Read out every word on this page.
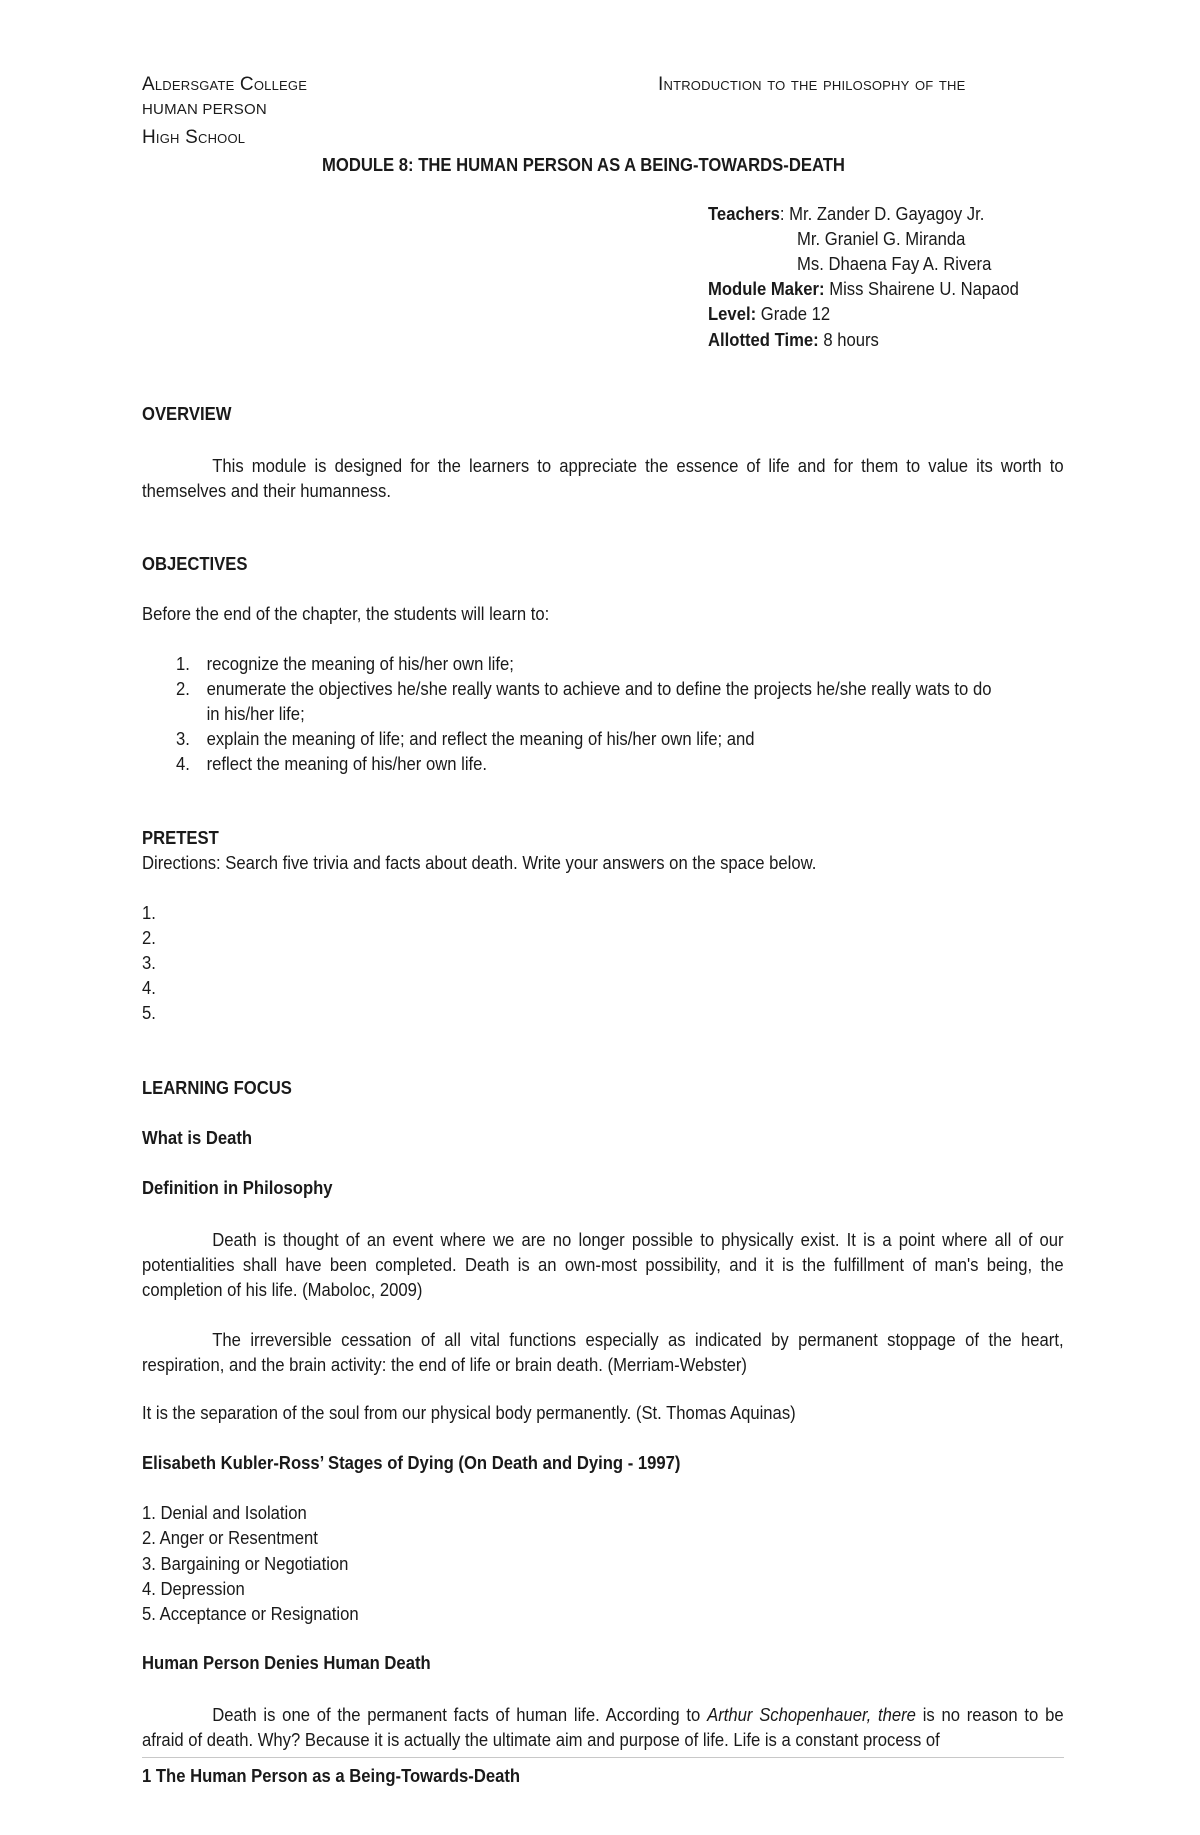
Aldersgate College
HUMAN PERSON
High School
Introduction to the philosophy of the
MODULE 8: THE HUMAN PERSON AS A BEING-TOWARDS-DEATH
Teachers: Mr. Zander D. Gayagoy Jr.
Mr. Graniel G. Miranda
Ms. Dhaena Fay A. Rivera
Module Maker: Miss Shairene U. Napaod
Level: Grade 12
Allotted Time: 8 hours
OVERVIEW
This module is designed for the learners to appreciate the essence of life and for them to value its worth to themselves and their humanness.
OBJECTIVES
Before the end of the chapter, the students will learn to:
1. recognize the meaning of his/her own life;
2. enumerate the objectives he/she really wants to achieve and to define the projects he/she really wats to do
in his/her life;
3. explain the meaning of life; and reflect the meaning of his/her own life; and
4. reflect the meaning of his/her own life.
PRETEST
Directions: Search five trivia and facts about death. Write your answers on the space below.
1.
2.
3.
4.
5.
LEARNING FOCUS
What is Death
Definition in Philosophy
Death is thought of an event where we are no longer possible to physically exist. It is a point where all of our potentialities shall have been completed. Death is an own-most possibility, and it is the fulfillment of man's being, the completion of his life. (Maboloc, 2009)
The irreversible cessation of all vital functions especially as indicated by permanent stoppage of the heart, respiration, and the brain activity: the end of life or brain death. (Merriam-Webster)
It is the separation of the soul from our physical body permanently. (St. Thomas Aquinas)
Elisabeth Kubler-Ross’ Stages of Dying (On Death and Dying - 1997)
1. Denial and Isolation
2. Anger or Resentment
3. Bargaining or Negotiation
4. Depression
5. Acceptance or Resignation
Human Person Denies Human Death
Death is one of the permanent facts of human life. According to Arthur Schopenhauer, there is no reason to be afraid of death. Why? Because it is actually the ultimate aim and purpose of life. Life is a constant process of
1 The Human Person as a Being-Towards-Death
